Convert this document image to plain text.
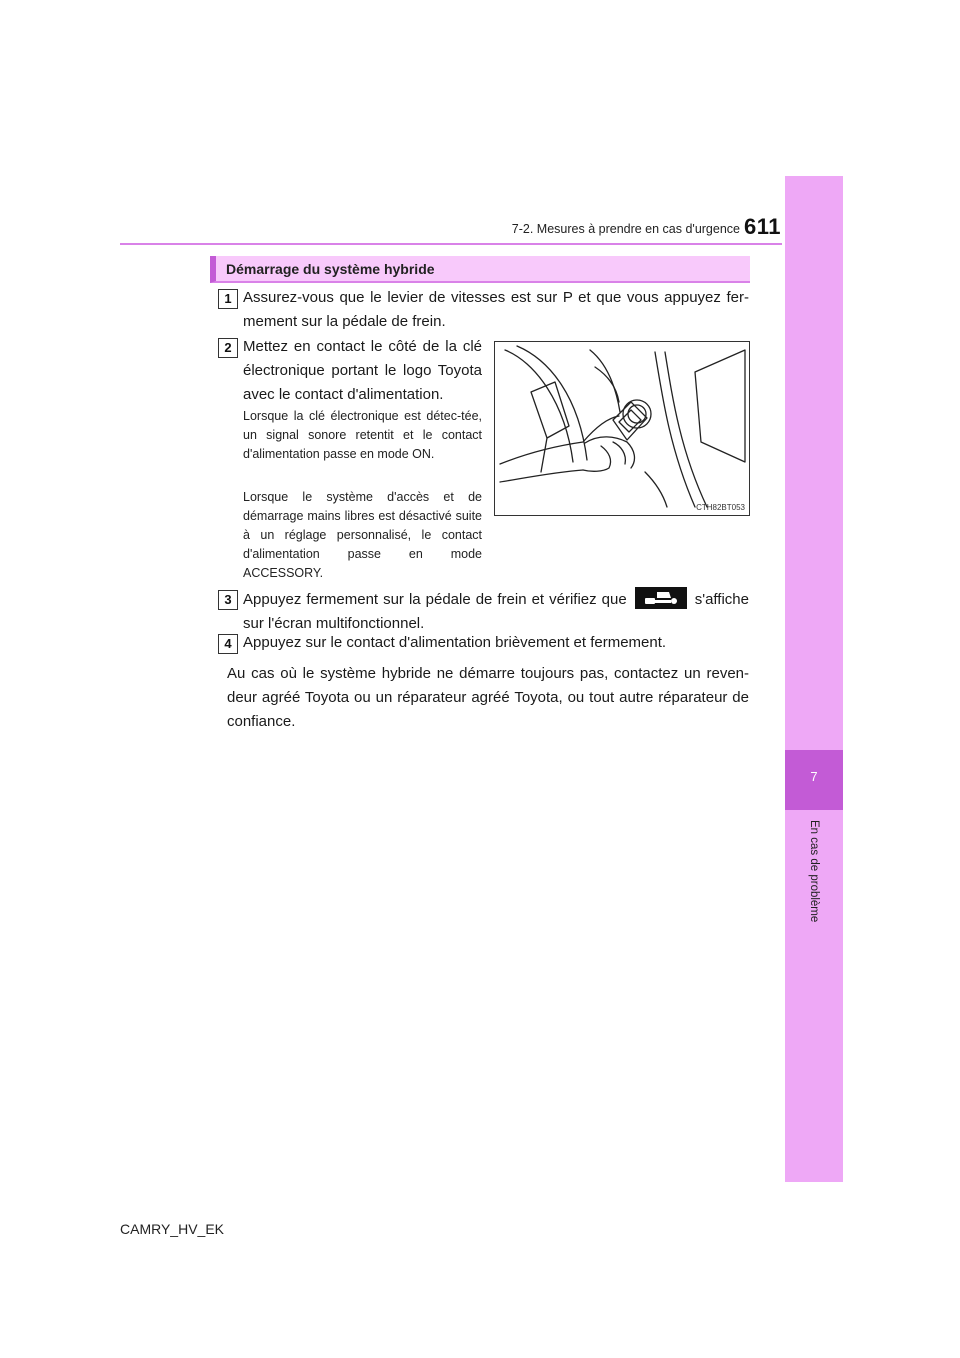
7-2. Mesures à prendre en cas d'urgence 611
7
En cas de problème
Démarrage du système hybride
1 Assurez-vous que le levier de vitesses est sur P et que vous appuyez fer-mement sur la pédale de frein.
2 Mettez en contact le côté de la clé électronique portant le logo Toyota avec le contact d'alimentation.
Lorsque la clé électronique est détec-tée, un signal sonore retentit et le contact d'alimentation passe en mode ON.
Lorsque le système d'accès et de démarrage mains libres est désactivé suite à un réglage personnalisé, le contact d'alimentation passe en mode ACCESSORY.
CTH82BT053
3 Appuyez fermement sur la pédale de frein et vérifiez que	s'affiche sur l'écran multifonctionnel.
4 Appuyez sur le contact d'alimentation brièvement et fermement.
Au cas où le système hybride ne démarre toujours pas, contactez un reven-deur agréé Toyota ou un réparateur agréé Toyota, ou tout autre réparateur de confiance.
CAMRY_HV_EK
